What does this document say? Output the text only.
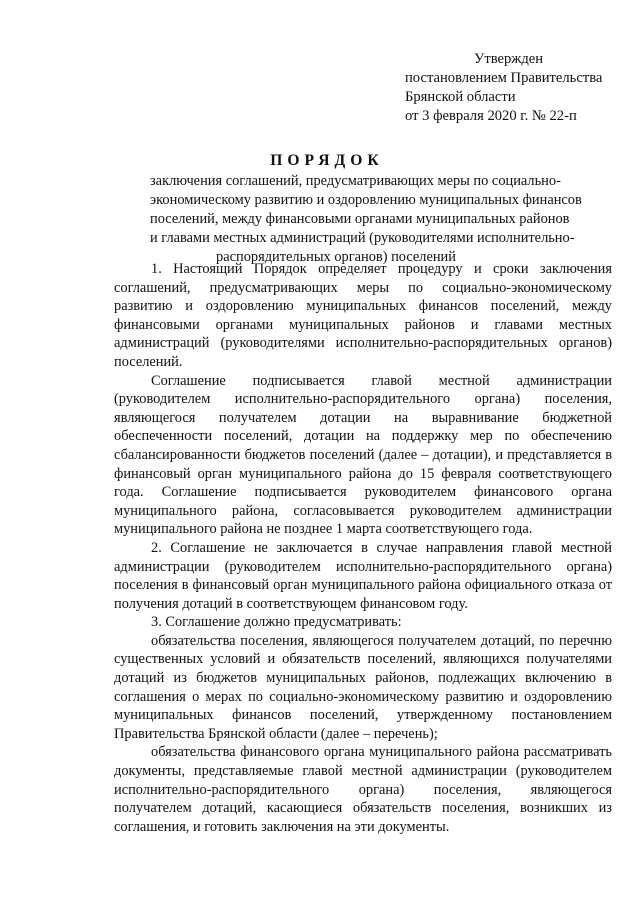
Утвержден
постановлением Правительства
Брянской области
от 3 февраля 2020 г. № 22-п
ПОРЯДОК
заключения соглашений, предусматривающих меры по социально-
экономическому развитию и оздоровлению муниципальных финансов
поселений, между финансовыми органами муниципальных районов
и главами местных администраций (руководителями исполнительно-
распорядительных органов) поселений

1. Настоящий Порядок определяет процедуру и сроки заключения соглашений, предусматривающих меры по социально-экономическому развитию и оздоровлению муниципальных финансов поселений, между финансовыми органами муниципальных районов и главами местных администраций (руководителями исполнительно-распорядительных органов) поселений.

Соглашение подписывается главой местной администрации (руководителем исполнительно-распорядительного органа) поселения, являющегося получателем дотации на выравнивание бюджетной обеспеченности поселений, дотации на поддержку мер по обеспечению сбалансированности бюджетов поселений (далее – дотации), и представляется в финансовый орган муниципального района до 15 февраля соответствующего года. Соглашение подписывается руководителем финансового органа муниципального района, согласовывается руководителем администрации муниципального района не позднее 1 марта соответствующего года.

2. Соглашение не заключается в случае направления главой местной администрации (руководителем исполнительно-распорядительного органа) поселения в финансовый орган муниципального района официального отказа от получения дотаций в соответствующем финансовом году.

3. Соглашение должно предусматривать:

обязательства поселения, являющегося получателем дотаций, по перечню существенных условий и обязательств поселений, являющихся получателями дотаций из бюджетов муниципальных районов, подлежащих включению в соглашения о мерах по социально-экономическому развитию и оздоровлению муниципальных финансов поселений, утвержденному постановлением Правительства Брянской области (далее – перечень);

обязательства финансового органа муниципального района рассматривать документы, представляемые главой местной администрации (руководителем исполнительно-распорядительного органа) поселения, являющегося получателем дотаций, касающиеся обязательств поселения, возникших из соглашения, и готовить заключения на эти документы.
